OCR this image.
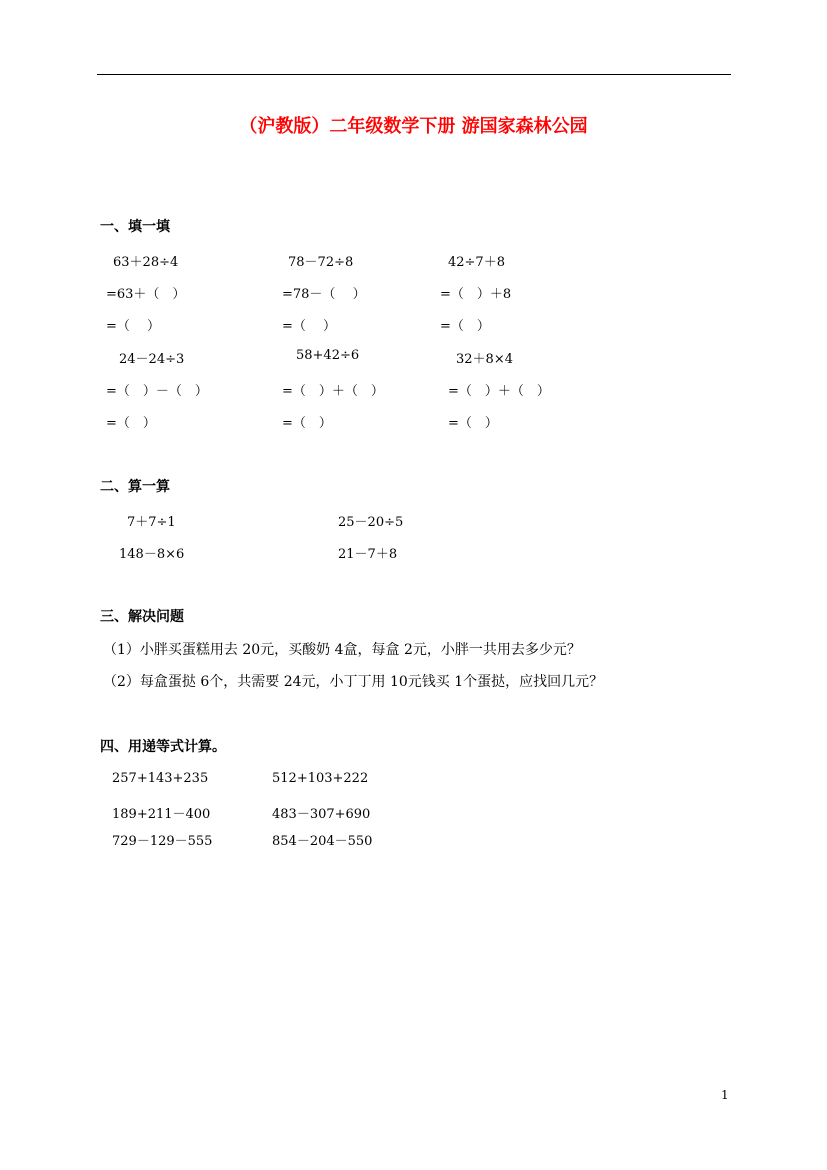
（沪教版）二年级数学下册 游国家森林公园
一、填一填
63＋28÷4	78－72÷8	42÷7＋8
=63＋（　）	=78－（　 ）	=（　）＋8
=（　 ）	=（　 ）	=（　）
24－24÷3	58+42÷6	32＋8×4
=（　）－（　）	=（　）＋（　）	=（　）＋（　）
=（　）	=（　）	=（　）
二、算一算
7＋7÷1	25－20÷5
148－8×6	21－7＋8
三、解决问题
（1）小胖买蛋糕用去 20元，买酸奶 4盒，每盒 2元，小胖一共用去多少元？
（2）每盒蛋挞 6个，共需要 24元，小丁丁用 10元钱买 1个蛋挞，应找回几元？
四、用递等式计算。
257+143+235	512+103+222
189+211－400	483－307+690
729－129－555	854－204－550
1
